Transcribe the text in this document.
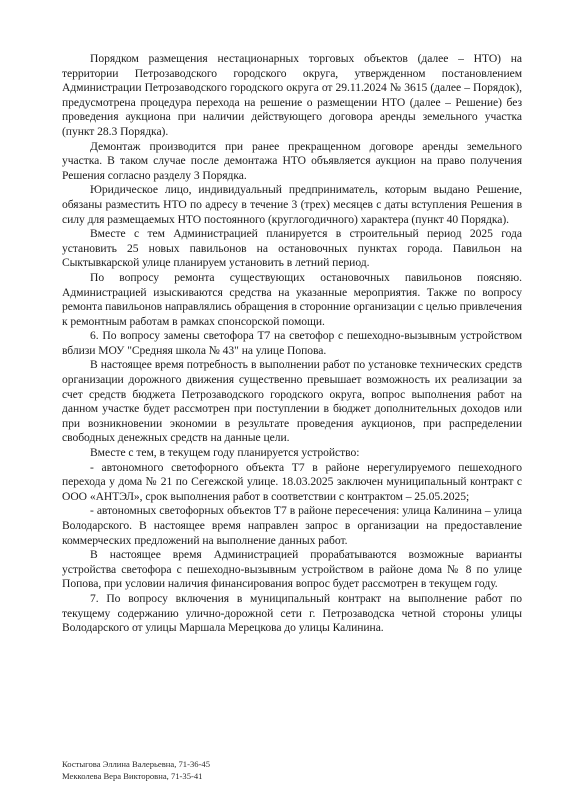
Порядком размещения нестационарных торговых объектов (далее – НТО) на территории Петрозаводского городского округа, утвержденном постановлением Администрации Петрозаводского городского округа от 29.11.2024 № 3615 (далее – Порядок), предусмотрена процедура перехода на решение о размещении НТО (далее – Решение) без проведения аукциона при наличии действующего договора аренды земельного участка (пункт 28.3 Порядка).

Демонтаж производится при ранее прекращенном договоре аренды земельного участка. В таком случае после демонтажа НТО объявляется аукцион на право получения Решения согласно разделу 3 Порядка.

Юридическое лицо, индивидуальный предприниматель, которым выдано Решение, обязаны разместить НТО по адресу в течение 3 (трех) месяцев с даты вступления Решения в силу для размещаемых НТО постоянного (круглогодичного) характера (пункт 40 Порядка).

Вместе с тем Администрацией планируется в строительный период 2025 года установить 25 новых павильонов на остановочных пунктах города. Павильон на Сыктывкарской улице планируем установить в летний период.

По вопросу ремонта существующих остановочных павильонов поясняю. Администрацией изыскиваются средства на указанные мероприятия. Также по вопросу ремонта павильонов направлялись обращения в сторонние организации с целью привлечения к ремонтным работам в рамках спонсорской помощи.

6. По вопросу замены светофора Т7 на светофор с пешеходно-вызывным устройством вблизи МОУ "Средняя школа № 43" на улице Попова.

В настоящее время потребность в выполнении работ по установке технических средств организации дорожного движения существенно превышает возможность их реализации за счет средств бюджета Петрозаводского городского округа, вопрос выполнения работ на данном участке будет рассмотрен при поступлении в бюджет дополнительных доходов или при возникновении экономии в результате проведения аукционов, при распределении свободных денежных средств на данные цели.

Вместе с тем, в текущем году планируется устройство:

- автономного светофорного объекта Т7 в районе нерегулируемого пешеходного перехода у дома № 21 по Сегежской улице. 18.03.2025 заключен муниципальный контракт с ООО «АНТЭЛ», срок выполнения работ в соответствии с контрактом – 25.05.2025;

- автономных светофорных объектов Т7 в районе пересечения: улица Калинина – улица Володарского. В настоящее время направлен запрос в организации на предоставление коммерческих предложений на выполнение данных работ.

В настоящее время Администрацией прорабатываются возможные варианты устройства светофора с пешеходно-вызывным устройством в районе дома № 8 по улице Попова, при условии наличия финансирования вопрос будет рассмотрен в текущем году.

7. По вопросу включения в муниципальный контракт на выполнение работ по текущему содержанию улично-дорожной сети г. Петрозаводска четной стороны улицы Володарского от улицы Маршала Мерецкова до улицы Калинина.

Костыгова Эллина Валерьевна, 71-36-45

Мекколева Вера Викторовна, 71-35-41
